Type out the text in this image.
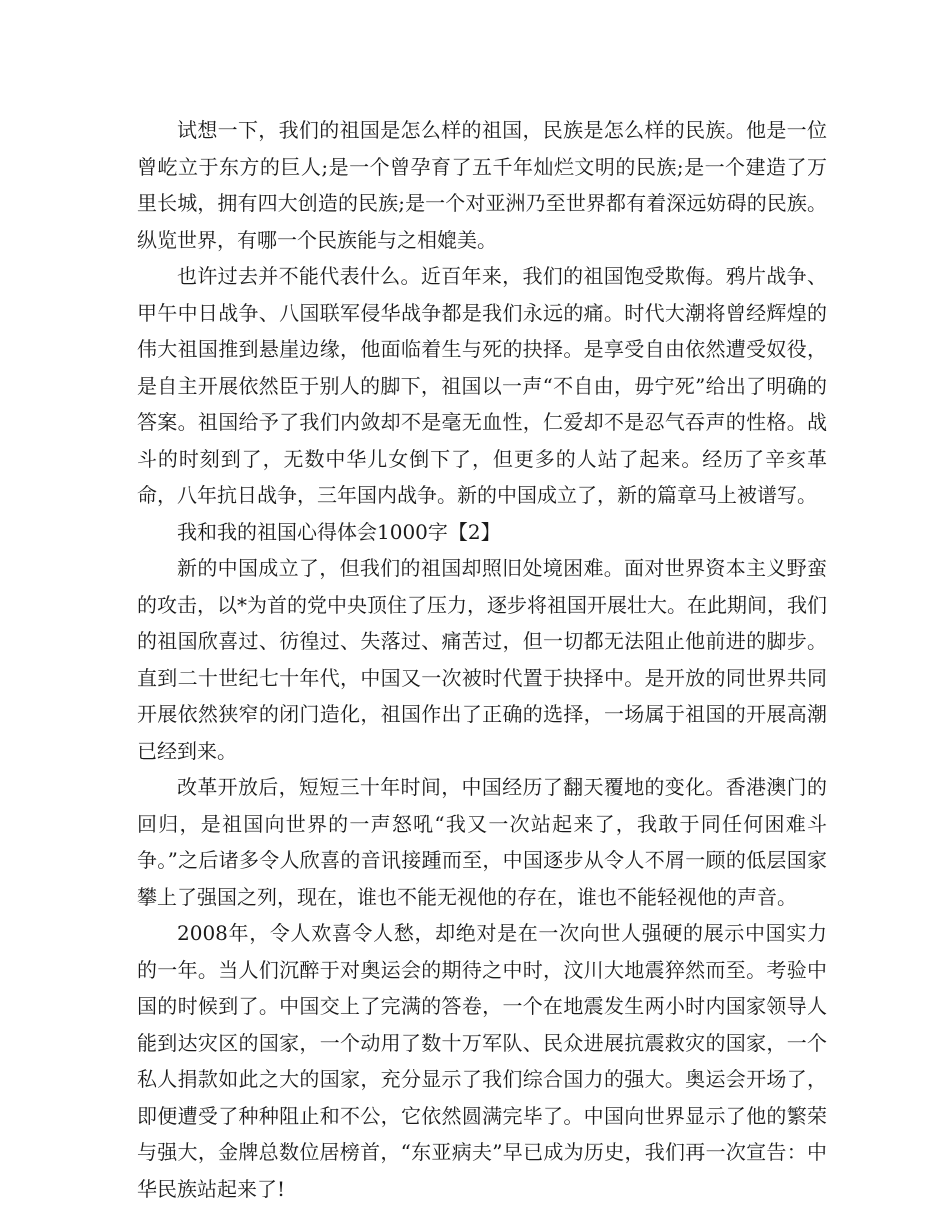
试想一下，我们的祖国是怎么样的祖国，民族是怎么样的民族。他是一位曾屹立于东方的巨人;是一个曾孕育了五千年灿烂文明的民族;是一个建造了万里长城，拥有四大创造的民族;是一个对亚洲乃至世界都有着深远妨碍的民族。纵览世界，有哪一个民族能与之相媲美。

也许过去并不能代表什么。近百年来，我们的祖国饱受欺侮。鸦片战争、甲午中日战争、八国联军侵华战争都是我们永远的痛。时代大潮将曾经辉煌的伟大祖国推到悬崖边缘，他面临着生与死的抉择。是享受自由依然遭受奴役，是自主开展依然臣于别人的脚下，祖国以一声“不自由，毋宁死”给出了明确的答案。祖国给予了我们内敛却不是毫无血性，仁爱却不是忍气吞声的性格。战斗的时刻到了，无数中华儿女倒下了，但更多的人站了起来。经历了辛亥革命，八年抗日战争，三年国内战争。新的中国成立了，新的篇章马上被谱写。

我和我的祖国心得体会1000字【2】

新的中国成立了，但我们的祖国却照旧处境困难。面对世界资本主义野蛮的攻击，以*为首的党中央顶住了压力，逐步将祖国开展壮大。在此期间，我们的祖国欣喜过、彷徨过、失落过、痛苦过，但一切都无法阻止他前进的脚步。直到二十世纪七十年代，中国又一次被时代置于抉择中。是开放的同世界共同开展依然狭窄的闭门造化，祖国作出了正确的选择，一场属于祖国的开展高潮已经到来。

改革开放后，短短三十年时间，中国经历了翻天覆地的变化。香港澳门的回归，是祖国向世界的一声怒吼“我又一次站起来了，我敢于同任何困难斗争。”之后诸多令人欣喜的音讯接踵而至，中国逐步从令人不屑一顾的低层国家攀上了强国之列，现在，谁也不能无视他的存在，谁也不能轻视他的声音。

2008年，令人欢喜令人愁，却绝对是在一次向世人强硬的展示中国实力的一年。当人们沉醉于对奥运会的期待之中时，汶川大地震猝然而至。考验中国的时候到了。中国交上了完满的答卷，一个在地震发生两小时内国家领导人能到达灾区的国家，一个动用了数十万军队、民众进展抗震救灾的国家，一个私人捐款如此之大的国家，充分显示了我们综合国力的强大。奥运会开场了，即便遭受了种种阻止和不公，它依然圆满完毕了。中国向世界显示了他的繁荣与强大，金牌总数位居榜首，“东亚病夫”早已成为历史，我们再一次宣告：中华民族站起来了!
